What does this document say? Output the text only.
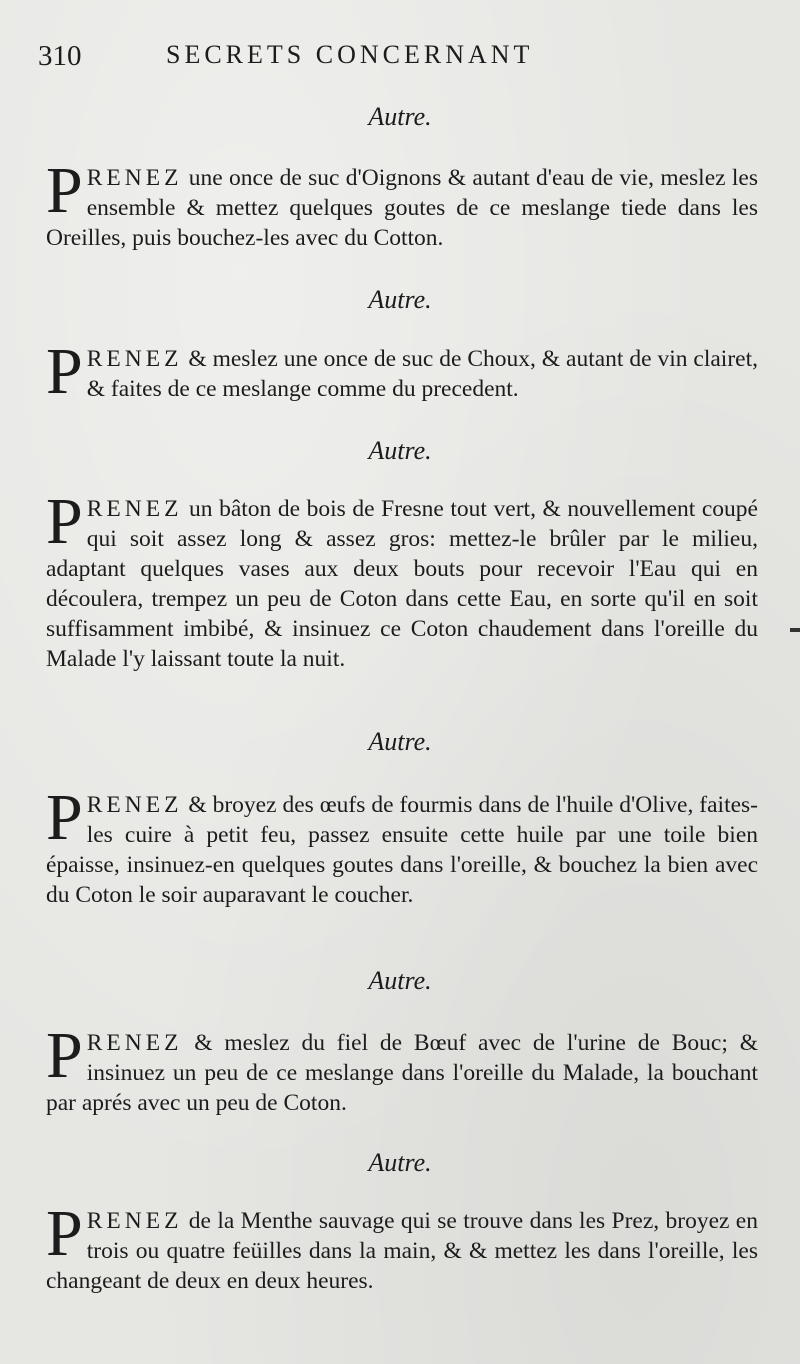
310	SECRETS CONCERNANT
Autre.
PRENEZ une once de suc d'Oignons & autant d'eau de vie, meslez les ensemble & mettez quelques goutes de ce meslange tiede dans les Oreilles, puis bouchez-les avec du Cotton.
Autre.
PRENEZ & meslez une once de suc de Choux, & autant de vin clairet, & faites de ce meslange comme du precedent.
Autre.
PRENEZ un bâton de bois de Fresne tout vert, & nouvellement coupé qui soit assez long & assez gros: mettez-le brûler par le milieu, adaptant quelques vases aux deux bouts pour recevoir l'Eau qui en découlera, trempez un peu de Coton dans cette Eau, en sorte qu'il en soit suffisamment imbibé, & insinuez ce Coton chaudement dans l'oreille du Malade l'y laissant toute la nuit.
Autre.
PRENEZ & broyez des œufs de fourmis dans de l'huile d'Olive, faites-les cuire à petit feu, passez ensuite cette huile par une toile bien épaisse, insinuez-en quelques goutes dans l'oreille, & bouchez la bien avec du Coton le soir auparavant le coucher.
Autre.
PRENEZ & meslez du fiel de Bœuf avec de l'urine de Bouc; & insinuez un peu de ce meslange dans l'oreille du Malade, la bouchant par aprés avec un peu de Coton.
Autre.
PRENEZ de la Menthe sauvage qui se trouve dans les Prez, broyez en trois ou quatre feüilles dans la main, & & mettez les dans l'oreille, les changeant de deux en deux heures.
